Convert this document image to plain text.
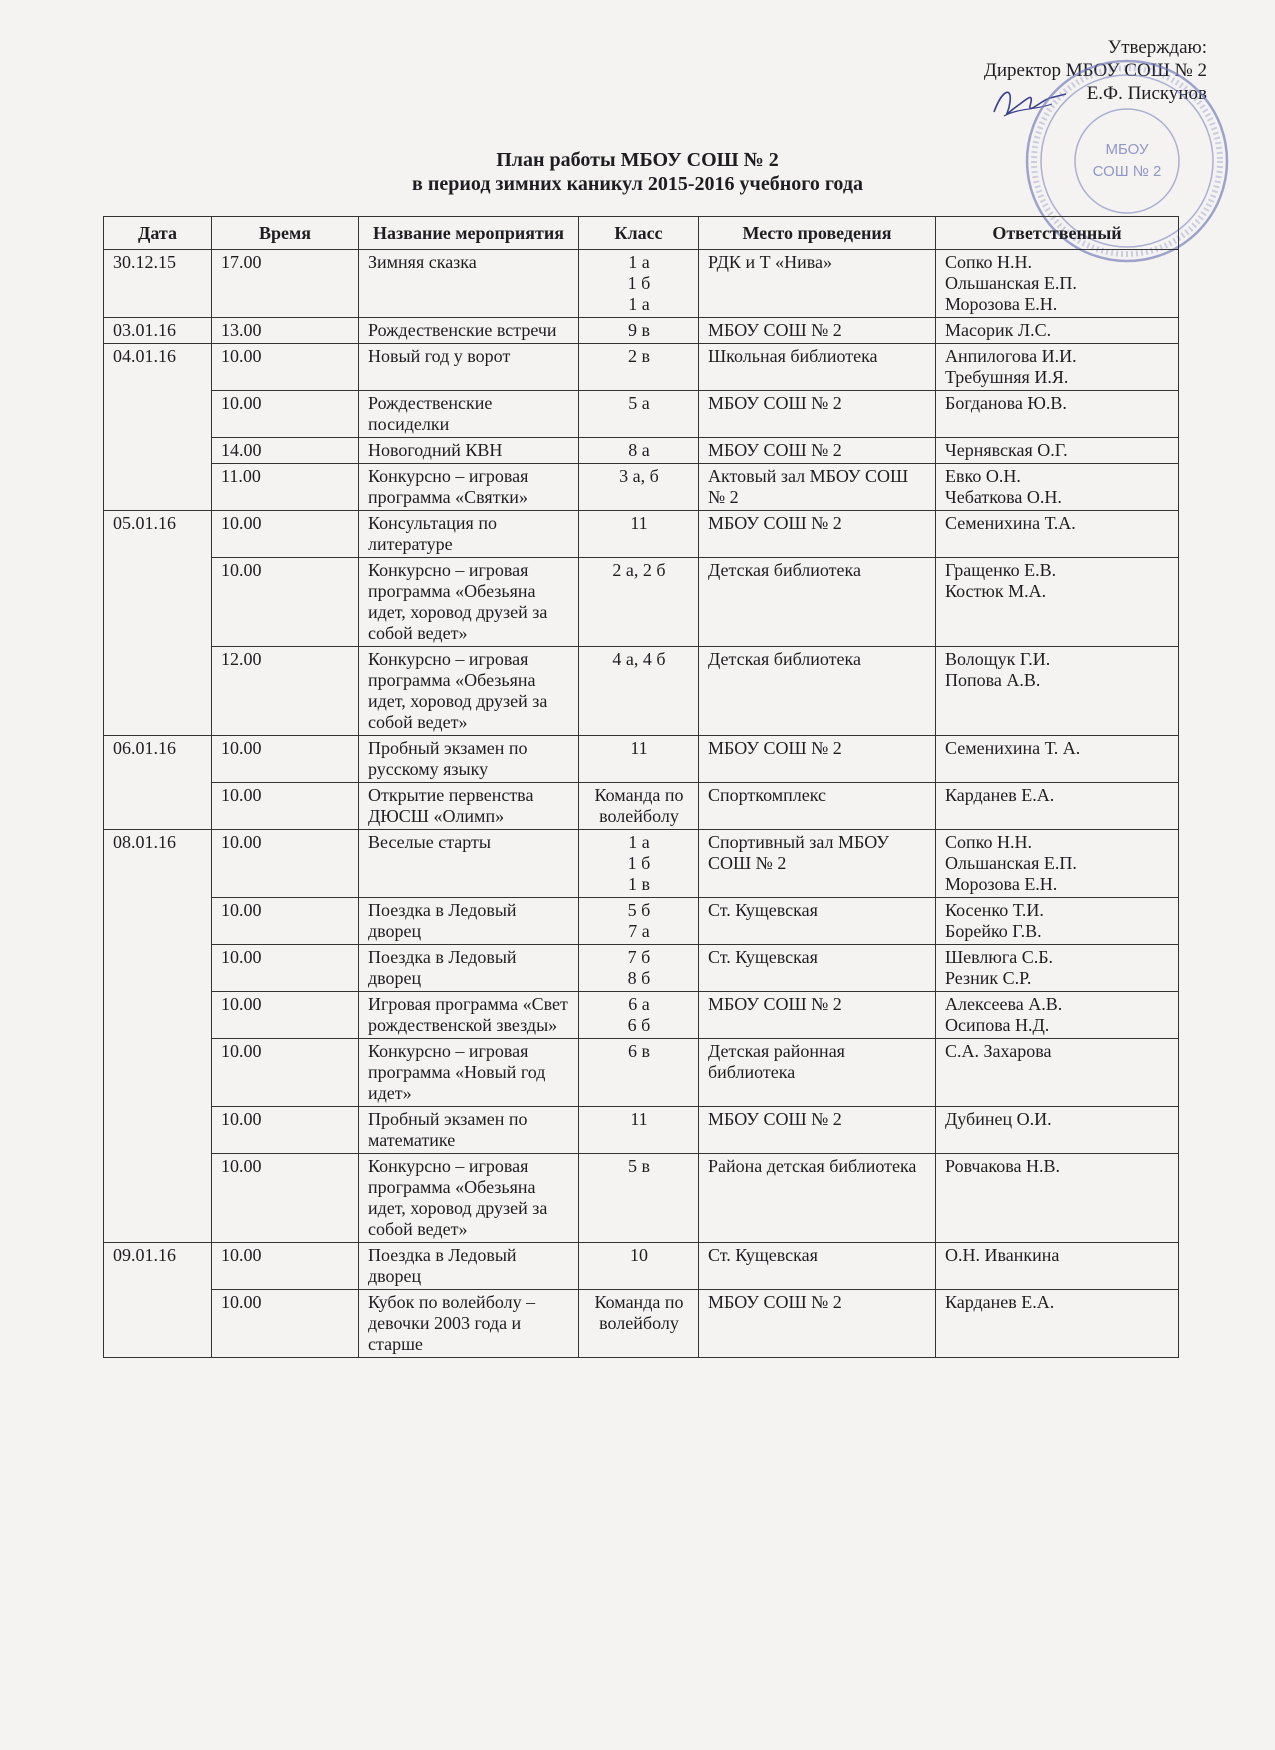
Утверждаю:
Директор МБОУ СОШ № 2
Е.Ф. Пискунов
МБОУ
СОШ № 2
План работы МБОУ СОШ № 2
в период зимних каникул 2015-2016 учебного года
Дата	Время	Название мероприятия	Класс	Место проведения	Ответственный
30.12.15	17.00	Зимняя сказка	1 а
1 б
1 а	РДК и Т «Нива»	Сопко Н.Н.
Ольшанская Е.П.
Морозова Е.Н.
03.01.16	13.00	Рождественские встречи	9 в	МБОУ СОШ № 2	Масорик Л.С.
04.01.16	10.00	Новый год у ворот	2 в	Школьная библиотека	Анпилогова И.И.
Требушняя И.Я.
	10.00	Рождественские посиделки	5 а	МБОУ СОШ № 2	Богданова Ю.В.
	14.00	Новогодний КВН	8 а	МБОУ СОШ № 2	Чернявская О.Г.
	11.00	Конкурсно – игровая программа «Святки»	3 а, б	Актовый зал МБОУ СОШ № 2	Евко О.Н.
Чебаткова О.Н.
05.01.16	10.00	Консультация по литературе	11	МБОУ СОШ № 2	Семенихина Т.А.
	10.00	Конкурсно – игровая программа «Обезьяна идет, хоровод друзей за собой ведет»	2 а, 2 б	Детская библиотека	Гращенко Е.В.
Костюк М.А.
	12.00	Конкурсно – игровая программа «Обезьяна идет, хоровод друзей за собой ведет»	4 а, 4 б	Детская библиотека	Волощук Г.И.
Попова А.В.
06.01.16	10.00	Пробный экзамен по русскому языку	11	МБОУ СОШ № 2	Семенихина Т. А.
	10.00	Открытие первенства ДЮСШ «Олимп»	Команда по волейболу	Спорткомплекс	Карданев Е.А.
08.01.16	10.00	Веселые старты	1 а
1 б
1 в	Спортивный зал МБОУ СОШ № 2	Сопко Н.Н.
Ольшанская Е.П.
Морозова Е.Н.
	10.00	Поездка в Ледовый дворец	5 б
7 а	Ст. Кущевская	Косенко Т.И.
Борейко Г.В.
	10.00	Поездка в Ледовый дворец	7 б
8 б	Ст. Кущевская	Шевлюга С.Б.
Резник С.Р.
	10.00	Игровая программа «Свет рождественской звезды»	6 а
6 б	МБОУ СОШ № 2	Алексеева А.В.
Осипова Н.Д.
	10.00	Конкурсно – игровая программа «Новый год идет»	6 в	Детская районная библиотека	С.А. Захарова
	10.00	Пробный экзамен по математике	11	МБОУ СОШ № 2	Дубинец О.И.
	10.00	Конкурсно – игровая программа «Обезьяна идет, хоровод друзей за собой ведет»	5 в	Района детская библиотека	Ровчакова Н.В.
09.01.16	10.00	Поездка в Ледовый дворец	10	Ст. Кущевская	О.Н. Иванкина
	10.00	Кубок по волейболу – девочки 2003 года и старше	Команда по волейболу	МБОУ СОШ № 2	Карданев Е.А.
